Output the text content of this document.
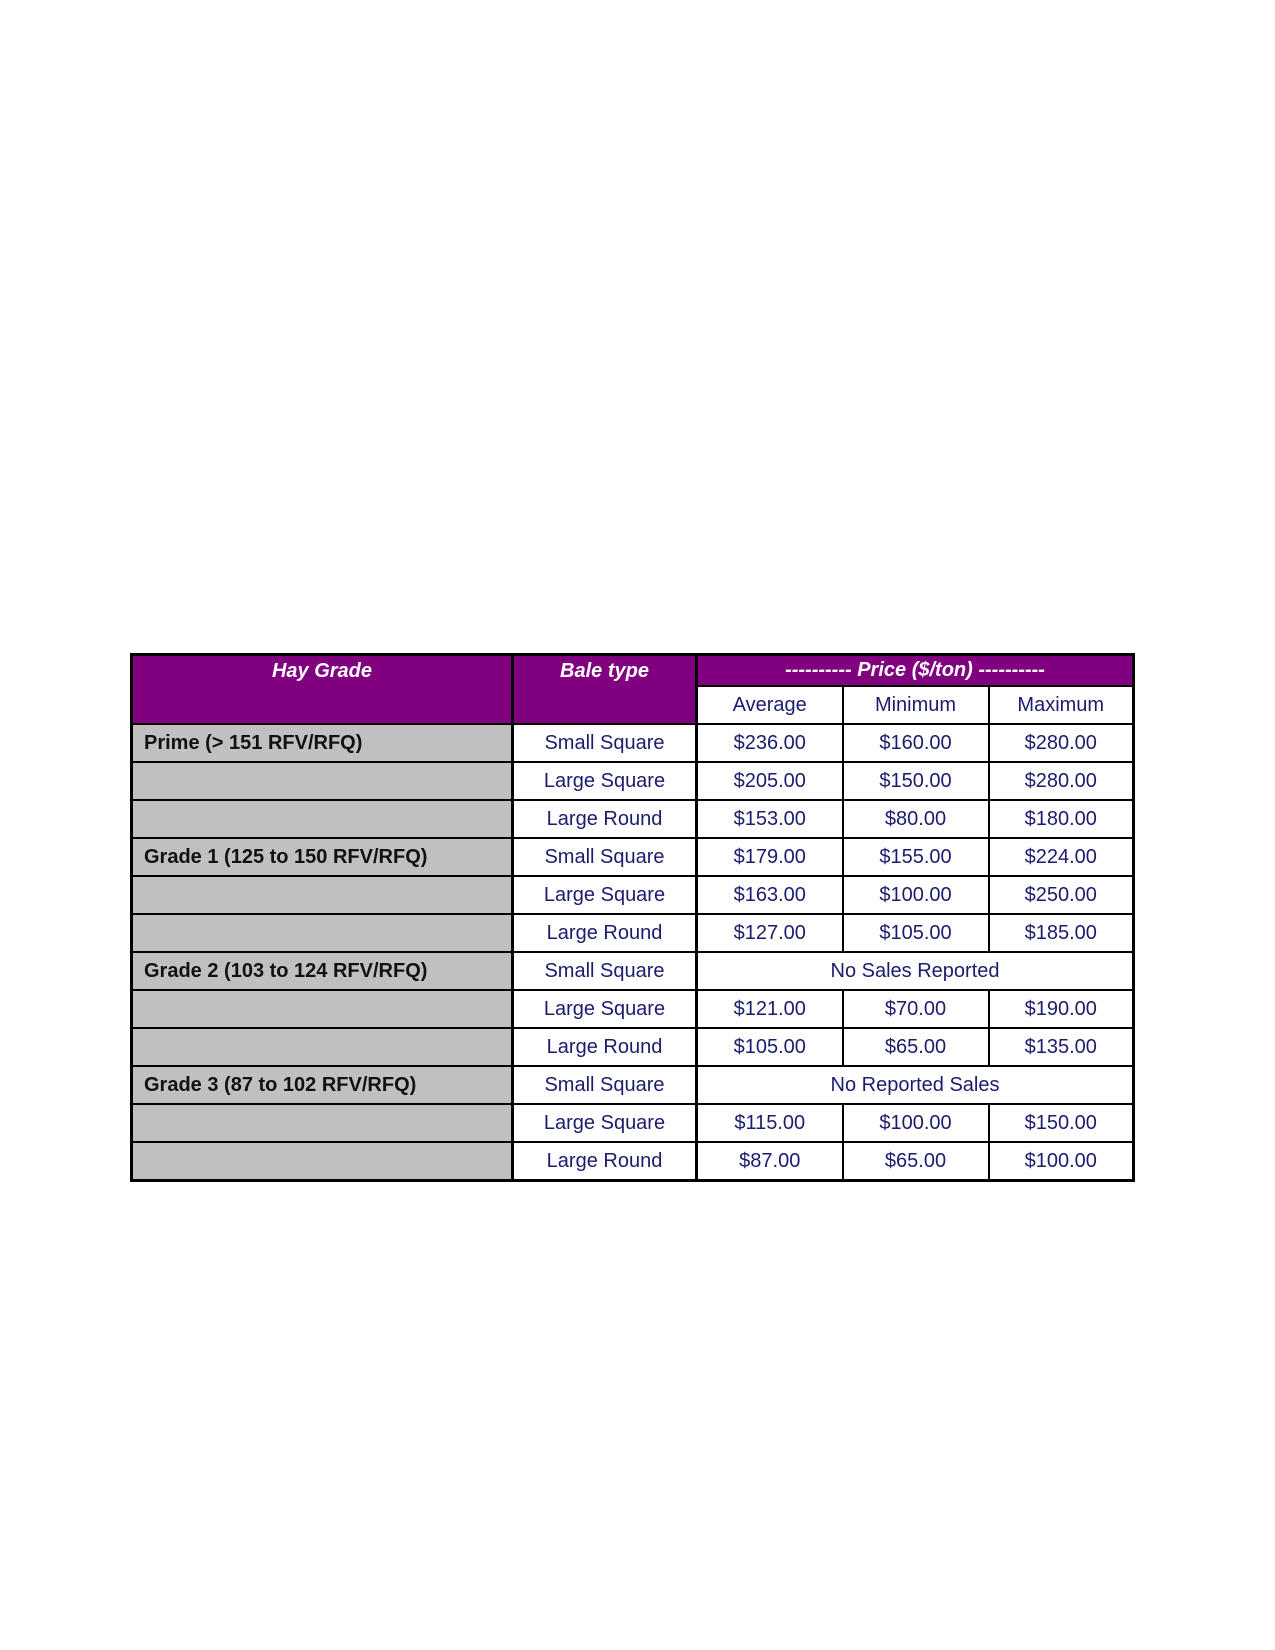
Hay Grade	Bale type	---------- Price ($/ton) ----------		
		Average	Minimum	Maximum
Prime (> 151 RFV/RFQ)	Small Square	$236.00	$160.00	$280.00
	Large Square	$205.00	$150.00	$280.00
	Large Round	$153.00	$80.00	$180.00
Grade 1 (125 to 150 RFV/RFQ)	Small Square	$179.00	$155.00	$224.00
	Large Square	$163.00	$100.00	$250.00
	Large Round	$127.00	$105.00	$185.00
Grade 2 (103 to 124 RFV/RFQ)	Small Square	No Sales Reported		
	Large Square	$121.00	$70.00	$190.00
	Large Round	$105.00	$65.00	$135.00
Grade 3 (87 to 102 RFV/RFQ)	Small Square	No Reported Sales		
	Large Square	$115.00	$100.00	$150.00
	Large Round	$87.00	$65.00	$100.00
